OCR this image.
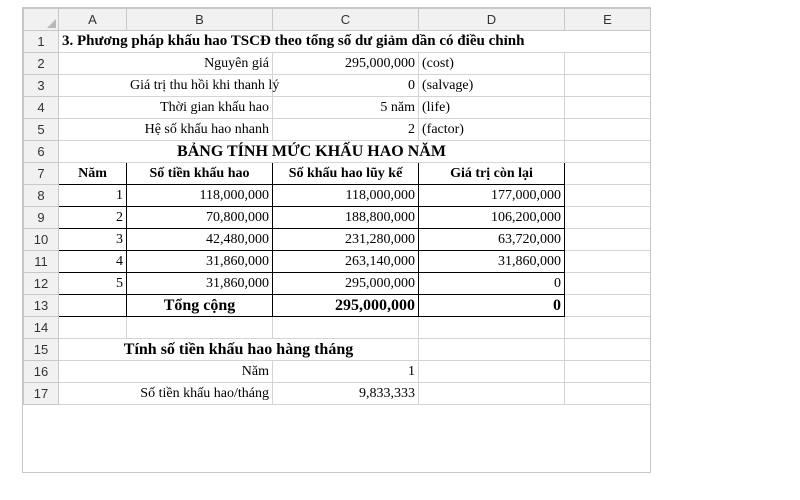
	A	B	C	D	E
1	3. Phương pháp khấu hao TSCĐ theo tổng số dư giảm dần có điều chỉnh				
2		Nguyên giá	295,000,000	(cost)	
3		Giá trị thu hồi khi thanh lý	0	(salvage)	
4		Thời gian khấu hao	5 năm	(life)	
5		Hệ số khấu hao nhanh	2	(factor)	
6	BẢNG TÍNH MỨC KHẤU HAO NĂM				
7	Năm	Số tiền khấu hao	Số khấu hao lũy kế	Giá trị còn lại	
8	1	118,000,000	118,000,000	177,000,000	
9	2	70,800,000	188,800,000	106,200,000	
10	3	42,480,000	231,280,000	63,720,000	
11	4	31,860,000	263,140,000	31,860,000	
12	5	31,860,000	295,000,000	0	
13		Tổng cộng	295,000,000	0	
14					
15	Tính số tiền khấu hao hàng tháng				
16		Năm	1		
17		Số tiền khấu hao/tháng	9,833,333		
